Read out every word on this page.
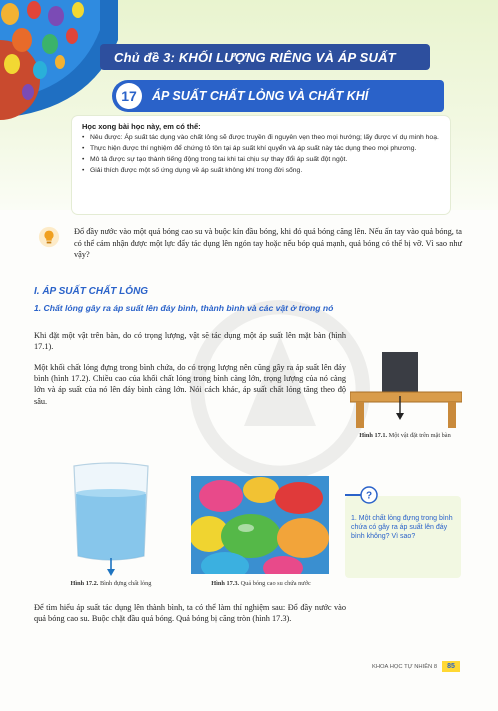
Chủ đề 3: KHỐI LƯỢNG RIÊNG VÀ ÁP SUẤT
17	ÁP SUẤT CHẤT LỎNG VÀ CHẤT KHÍ
Học xong bài học này, em có thể:
• Nêu được: Áp suất tác dụng vào chất lỏng sẽ được truyền đi nguyên vẹn theo mọi hướng; lấy được ví dụ minh hoạ.
• Thực hiện được thí nghiệm để chứng tỏ tồn tại áp suất khí quyển và áp suất này tác dụng theo mọi phương.
• Mô tả được sự tạo thành tiếng động trong tai khi tai chịu sự thay đổi áp suất đột ngột.
• Giải thích được một số ứng dụng về áp suất không khí trong đời sống.

Đổ đầy nước vào một quả bóng cao su và buộc kín đầu bóng, khi đó quả bóng căng lên. Nếu ấn tay vào quả bóng, ta có thể cảm nhận được một lực đẩy tác dụng lên ngón tay hoặc nếu bóp quá mạnh, quả bóng có thể bị vỡ. Vì sao như vậy?

I. ÁP SUẤT CHẤT LỎNG
1. Chất lỏng gây ra áp suất lên đáy bình, thành bình và các vật ở trong nó

Khi đặt một vật trên bàn, do có trọng lượng, vật sẽ tác dụng một áp suất lên mặt bàn (hình 17.1).

Một khối chất lỏng đựng trong bình chứa, do có trọng lượng nên cũng gây ra áp suất lên đáy bình (hình 17.2). Chiều cao của khối chất lỏng trong bình càng lớn, trọng lượng của nó càng lớn và áp suất của nó lên đáy bình càng lớn. Nói cách khác, áp suất chất lỏng tăng theo độ sâu.

Hình 17.1. Một vật đặt trên mặt bàn
Hình 17.2. Bình đựng chất lỏng	Hình 17.3. Quả bóng cao su chứa nước
?
1. Một chất lỏng đựng trong bình chứa có gây ra áp suất lên đáy bình không? Vì sao?

Để tìm hiểu áp suất tác dụng lên thành bình, ta có thể làm thí nghiệm sau: Đổ đầy nước vào quả bóng cao su. Buộc chặt đầu quả bóng. Quả bóng bị căng tròn (hình 17.3).

KHOA HỌC TỰ NHIÊN 8	85
